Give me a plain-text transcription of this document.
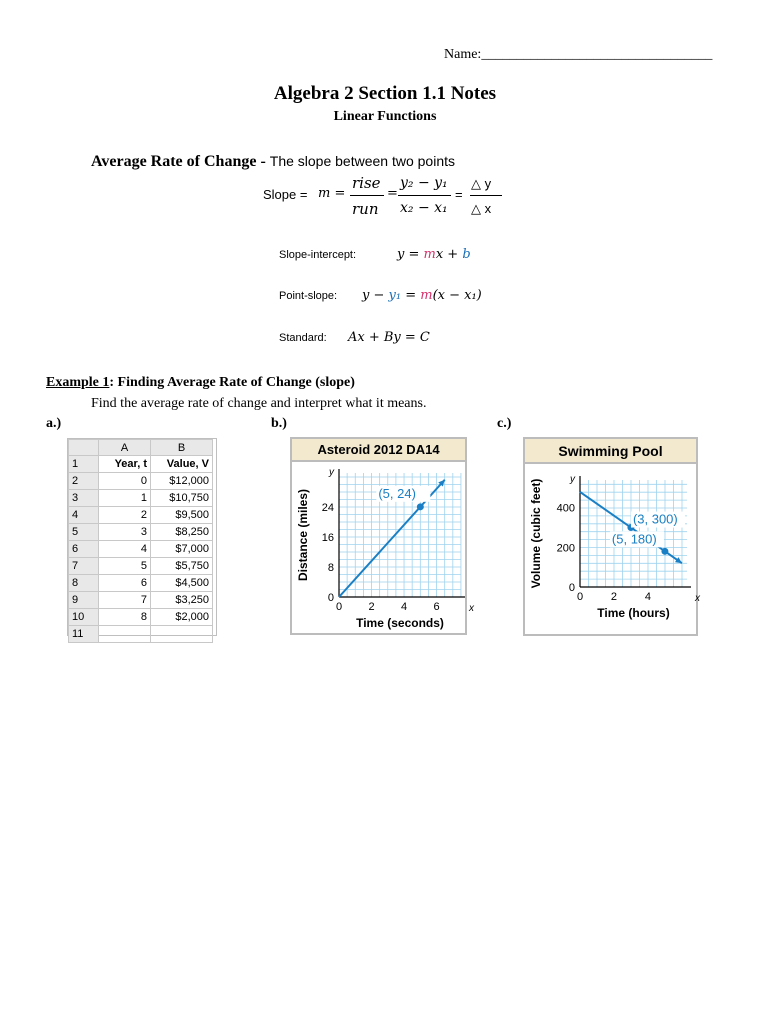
Name:_________________________________
Algebra 2 Section 1.1 Notes
Linear Functions
Average Rate of Change - The slope between two points
Slope = m =
rise
run
=
y₂ − y₁
x₂ − x₁
=
△ y
△ x
Slope-intercept:	y = mx + b
Point-slope: y − y₁ = m(x − x₁)
Standard: Ax + By = C
Example 1: Finding Average Rate of Change (slope)
Find the average rate of change and interpret what it means.
a.)	b.)	c.)
	A	B
1	Year, t	Value, V
2	0	$12,000
3	1	$10,750
4	2	$9,500
5	3	$8,250
6	4	$7,000
7	5	$5,750
8	6	$4,500
9	7	$3,250
10	8	$2,000
11		
Asteroid 2012 DA14
x
y
0 2 4 6
0
8
16
24
Time (seconds)
Distance (miles)	(5, 24)
Swimming Pool
x
y
0	2	4
0
200
400
Time (hours)
Volume (cubic feet)	(3, 300)
(5, 180)
